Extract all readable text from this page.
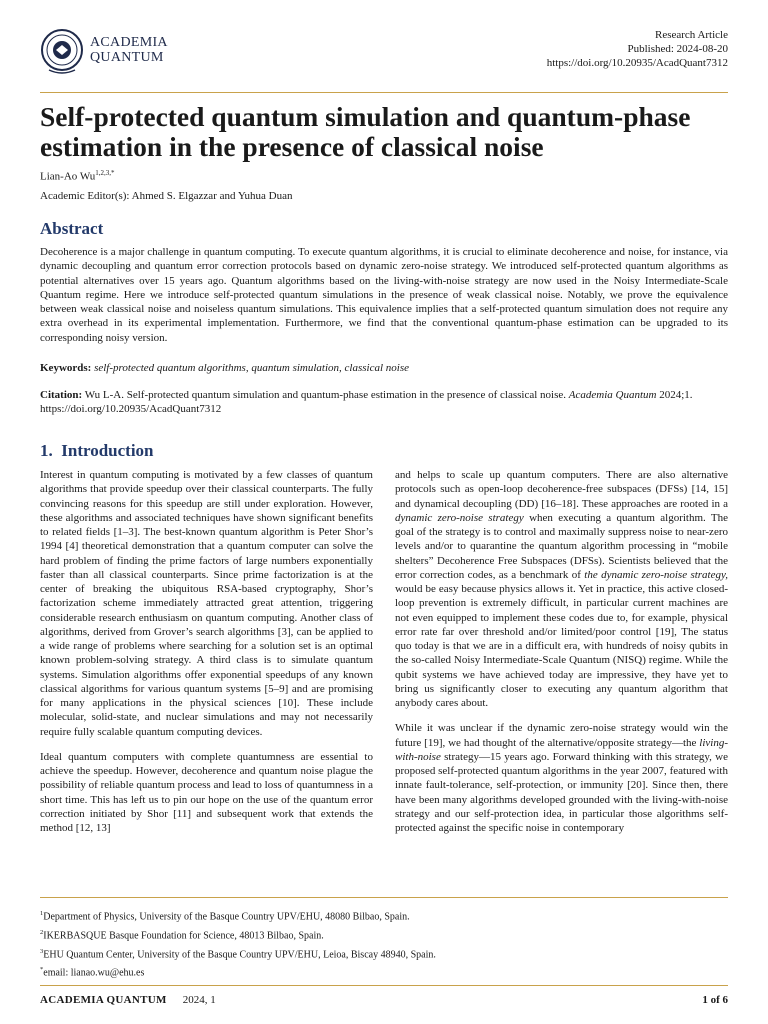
ACADEMIA
QUANTUM
Research Article
Published: 2024-08-20
https://doi.org/10.20935/AcadQuant7312
Self-protected quantum simulation and quantum-phase estimation in the presence of classical noise
Lian-Ao $Wu^{1,2,3,*}$
Academic Editor(s): Ahmed S. Elgazzar and Yuhua Duan
Abstract

Decoherence is a major challenge in quantum computing. To execute quantum algorithms, it is crucial to eliminate decoherence and noise, for instance, via dynamic decoupling and quantum error correction protocols based on dynamic zero-noise strategy. We introduced self-protected quantum algorithms as potential alternatives over 15 years ago. Quantum algorithms based on the living-with-noise strategy are now used in the Noisy Intermediate-Scale Quantum regime. Here we introduce self-protected quantum simulations in the presence of weak classical noise. Notably, we prove the equivalence between weak classical noise and noiseless quantum simulations. This equivalence implies that a self-protected quantum simulation does not require any extra overhead in its experimental implementation. Furthermore, we find that the conventional quantum-phase estimation can be upgraded to its corresponding noisy version.

Keywords: self-protected quantum algorithms, quantum simulation, classical noise
Citation: Wu L-A. Self-protected quantum simulation and quantum-phase estimation in the presence of classical noise. Academia Quantum 2024;1. https://doi.org/10.20935/AcadQuant7312
1. Introduction

Interest in quantum computing is motivated by a few classes of quantum algorithms that provide speedup over their classical counterparts. The fully convincing reasons for this speedup are still under exploration. However, these algorithms and associated techniques have shown significant benefits to related fields [1–3]. The best-known quantum algorithm is Peter Shor’s 1994 [4] theoretical demonstration that a quantum computer can solve the hard problem of finding the prime factors of large numbers exponentially faster than all classical counterparts. Since prime factorization is at the center of breaking the ubiquitous RSA-based cryptography, Shor’s factorization scheme immediately attracted great attention, triggering considerable research enthusiasm on quantum computing. Another class of algorithms, derived from Grover’s search algorithms [3], can be applied to a wide range of problems where searching for a solution set is an optimal known problem-solving strategy. A third class is to simulate quantum systems. Simulation algorithms offer exponential speedups of any known classical algorithms for various quantum systems [5–9] and are promising for many applications in the physical sciences [10]. These include molecular, solid-state, and nuclear simulations and may not necessarily require fully scalable quantum computing devices.

Ideal quantum computers with complete quantumness are essential to achieve the speedup. However, decoherence and quantum noise plague the possibility of reliable quantum process and lead to loss of quantumness in a short time. This has left us to pin our hope on the use of the quantum error correction initiated by Shor [11] and subsequent work that extends the method [12, 13]

and helps to scale up quantum computers. There are also alternative protocols such as open-loop decoherence-free subspaces (DFSs) [14, 15] and dynamical decoupling (DD) [16–18]. These approaches are rooted in a dynamic zero-noise strategy when executing a quantum algorithm. The goal of the strategy is to control and maximally suppress noise to near-zero levels and/or to quarantine the quantum algorithm processing in “mobile shelters” Decoherence Free Subspaces (DFSs). Scientists believed that the error correction codes, as a benchmark of the dynamic zero-noise strategy, would be easy because physics allows it. Yet in practice, this active closed-loop prevention is extremely difficult, in particular current machines are not even equipped to implement these codes due to, for example, physical error rate far over threshold and/or limited/poor control [19], The status quo today is that we are in a difficult era, with hundreds of noisy qubits in the so-called Noisy Intermediate-Scale Quantum (NISQ) regime. While the qubit systems we have achieved today are impressive, they have yet to bring us significantly closer to executing any quantum algorithm that anybody cares about.

While it was unclear if the dynamic zero-noise strategy would win the future [19], we had thought of the alternative/opposite strategy—the living-with-noise strategy—15 years ago. Forward thinking with this strategy, we proposed self-protected quantum algorithms in the year 2007, featured with innate fault-tolerance, self-protection, or immunity [20]. Since then, there have been many algorithms developed grounded with the living-with-noise strategy and our self-protection idea, in particular those algorithms self-protected against the specific noise in contemporary

$^1$Department of Physics, University of the Basque Country UPV/EHU, 48080 Bilbao, Spain.
$^2$IKERBASQUE Basque Foundation for Science, 48013 Bilbao, Spain.
$^3$EHU Quantum Center, University of the Basque Country UPV/EHU, Leioa, Biscay 48940, Spain.
*email: lianao.wu@ehu.es
ACADEMIA QUANTUM 2024, 1	1 of 6
